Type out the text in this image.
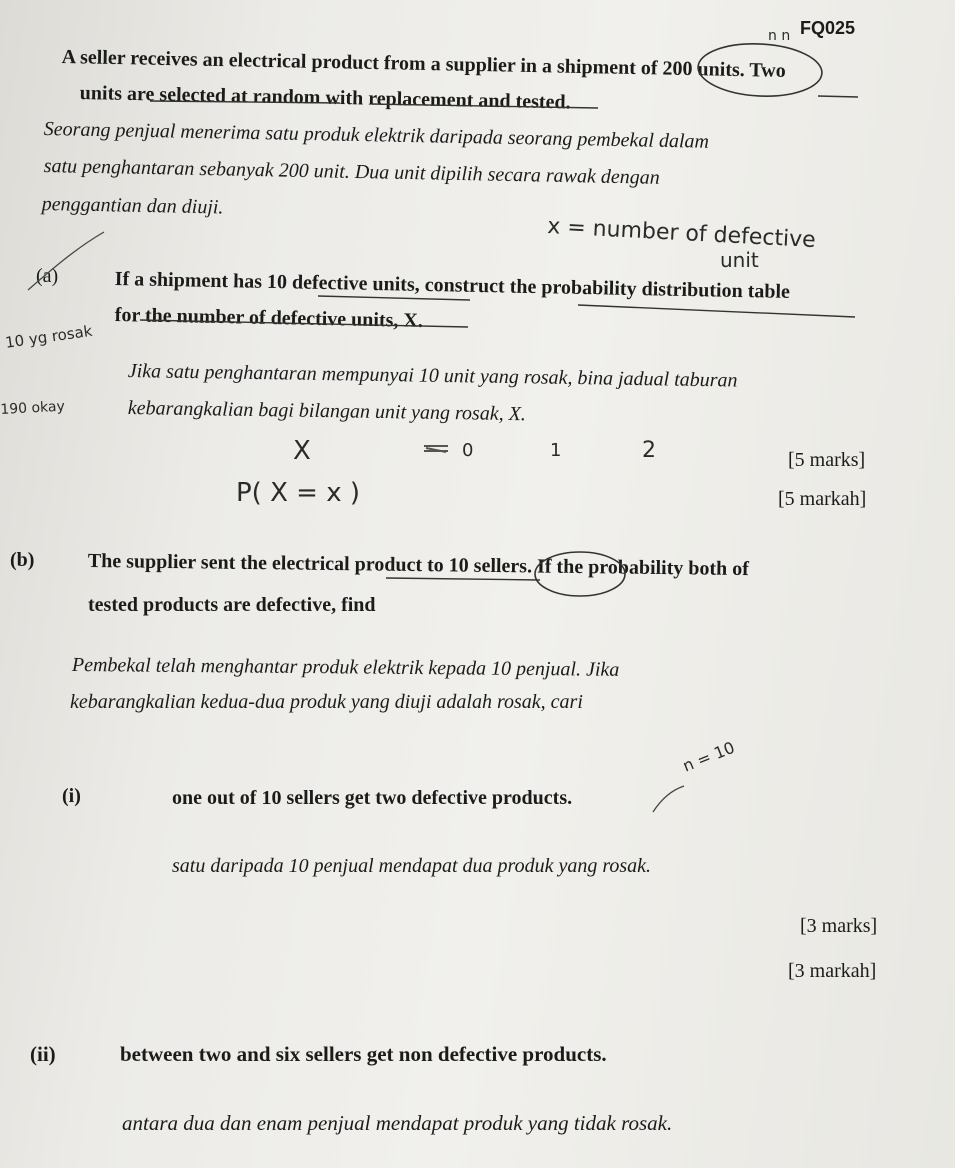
FQ025
A seller receives an electrical product from a supplier in a shipment of 200 units. Two
units are selected at random with replacement and tested.
Seorang penjual menerima satu produk elektrik daripada seorang pembekal dalam
satu penghantaran sebanyak 200 unit. Dua unit dipilih secara rawak dengan
penggantian dan diuji.
(a)	If a shipment has 10 defective units, construct the probability distribution table
for the number of defective units, X.
Jika satu penghantaran mempunyai 10 unit yang rosak, bina jadual taburan
kebarangkalian bagi bilangan unit yang rosak, X.
[5 marks]
[5 markah]
(b)	The supplier sent the electrical product to 10 sellers. If the probability both of
tested products are defective, find
Pembekal telah menghantar produk elektrik kepada 10 penjual. Jika
kebarangkalian kedua-dua produk yang diuji adalah rosak, cari
(i)	one out of 10 sellers get two defective products.
satu daripada 10 penjual mendapat dua produk yang rosak.
[3 marks]
[3 markah]
(ii)	between two and six sellers get non defective products.
antara dua dan enam penjual mendapat produk yang tidak rosak.
n n
x = number of defective
unit
10 yg rosak
190 okay
X	0	1	2
P( X = x )
n = 10
